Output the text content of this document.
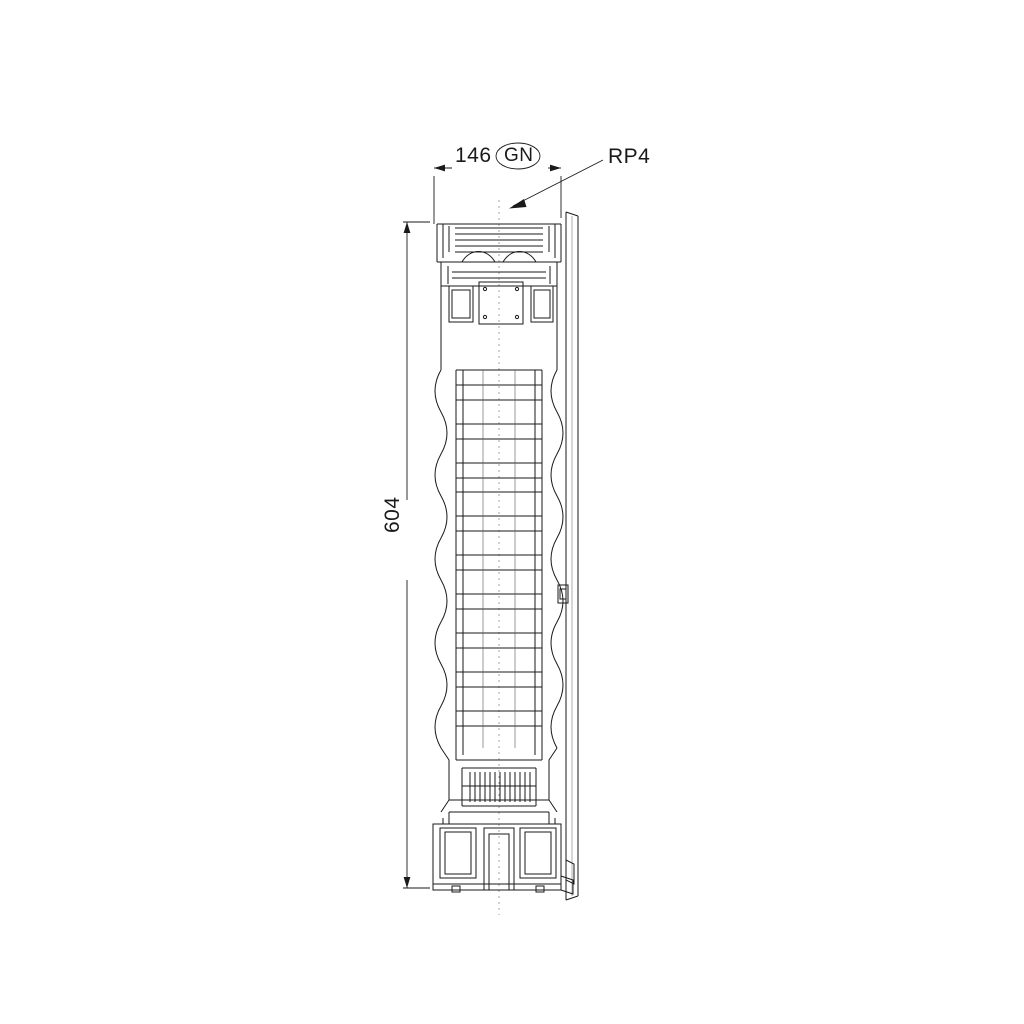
146 GN	RP4
604
